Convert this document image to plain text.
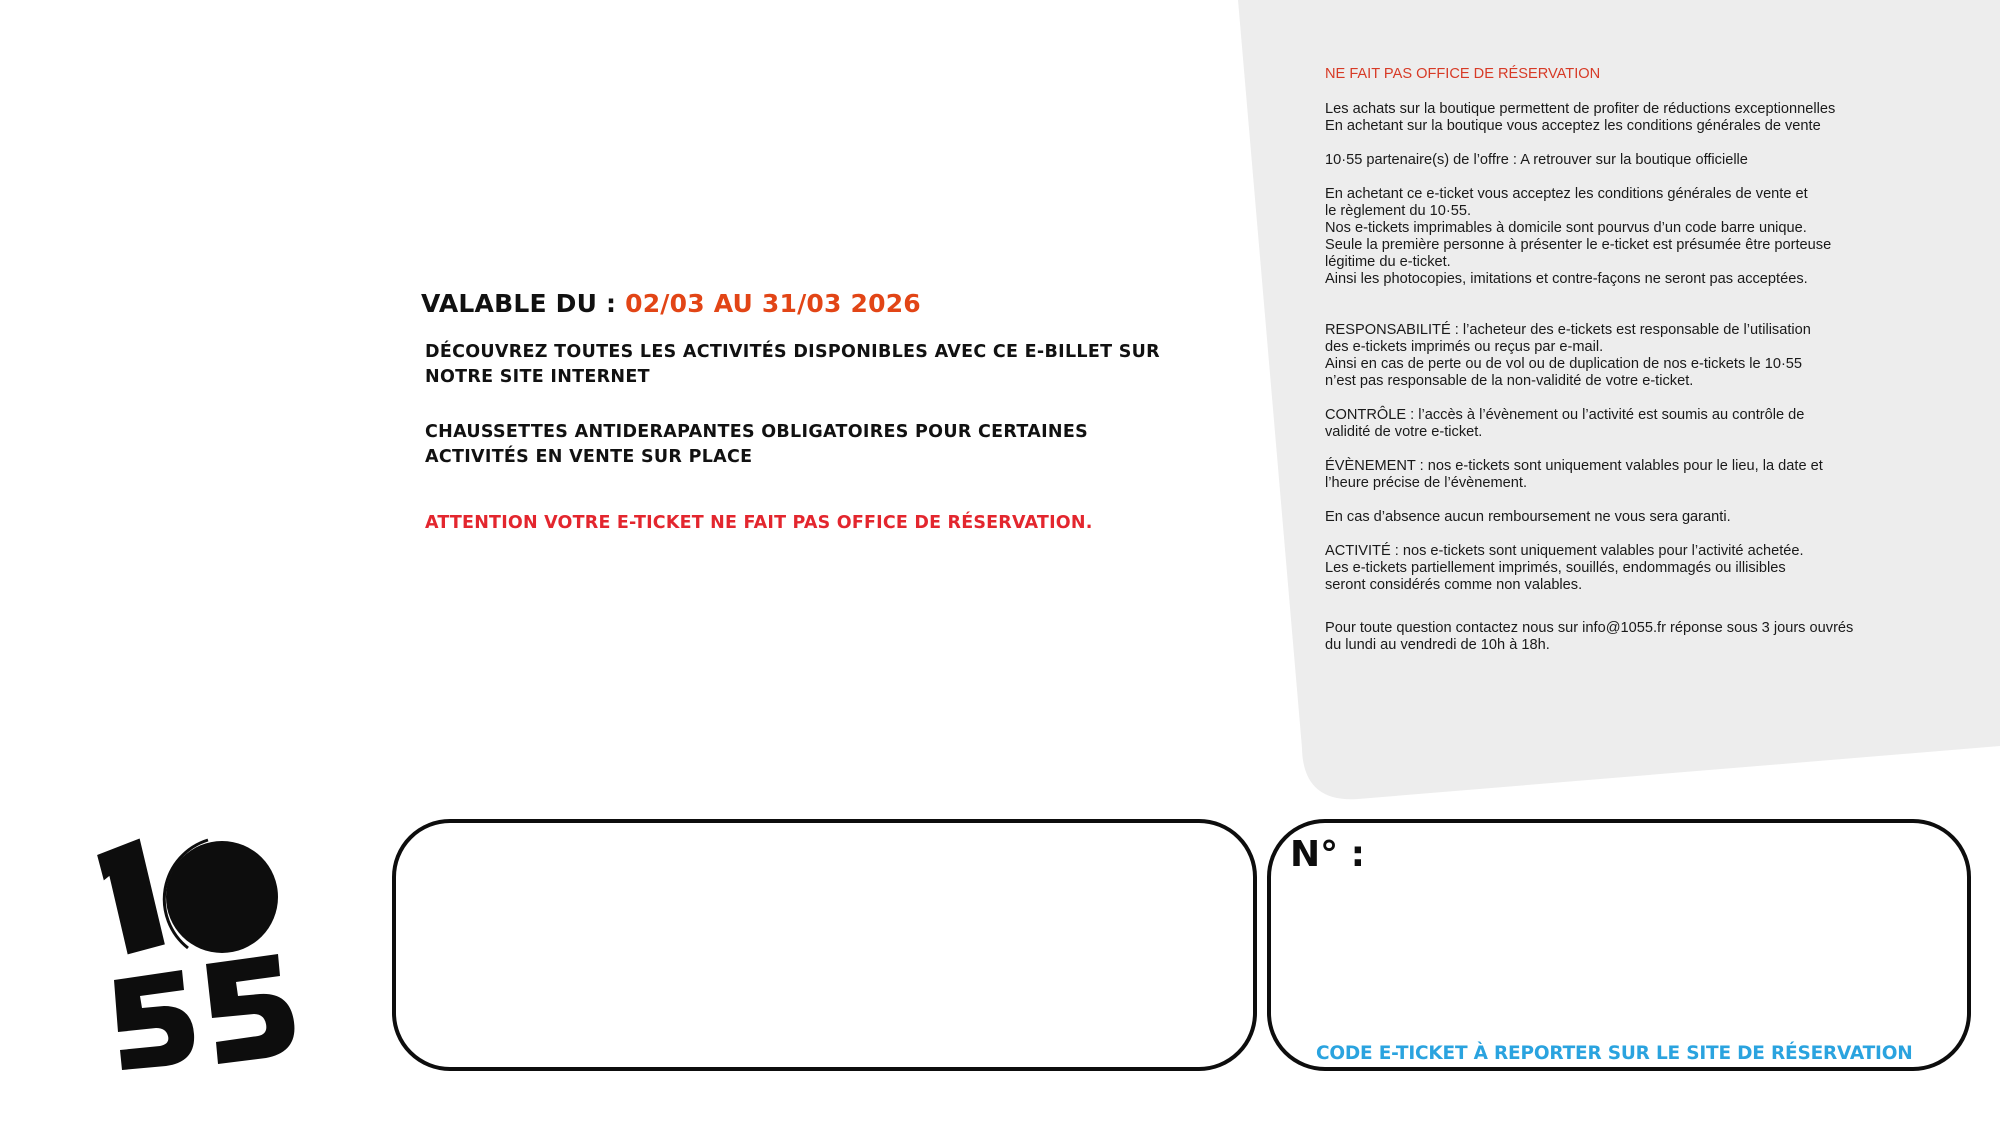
VALABLE DU : 02/03 AU 31/03 2026
DÉCOUVREZ TOUTES LES ACTIVITÉS DISPONIBLES AVEC CE E-BILLET SUR NOTRE SITE INTERNET
CHAUSSETTES ANTIDERAPANTES OBLIGATOIRES POUR CERTAINES ACTIVITÉS EN VENTE SUR PLACE
ATTENTION VOTRE E-TICKET NE FAIT PAS OFFICE DE RÉSERVATION.

NE FAIT PAS OFFICE DE RÉSERVATION

Les achats sur la boutique permettent de profiter de réductions exceptionnelles

En achetant sur la boutique vous acceptez les conditions générales de vente

10·55 partenaire(s) de l’offre : A retrouver sur la boutique officielle

En achetant ce e-ticket vous acceptez les conditions générales de vente et

le règlement du 10·55.

Nos e-tickets imprimables à domicile sont pourvus d’un code barre unique.

Seule la première personne à présenter le e-ticket est présumée être porteuse

légitime du e-ticket.

Ainsi les photocopies, imitations et contre-façons ne seront pas acceptées.

RESPONSABILITÉ : l’acheteur des e-tickets est responsable de l’utilisation

des e-tickets imprimés ou reçus par e-mail.

Ainsi en cas de perte ou de vol ou de duplication de nos e-tickets le 10·55

n’est pas responsable de la non-validité de votre e-ticket.

CONTRÔLE : l’accès à l’évènement ou l’activité est soumis au contrôle de

validité de votre e-ticket.

ÉVÈNEMENT : nos e-tickets sont uniquement valables pour le lieu, la date et

l’heure précise de l’évènement.

En cas d’absence aucun remboursement ne vous sera garanti.

ACTIVITÉ : nos e-tickets sont uniquement valables pour l’activité achetée.

Les e-tickets partiellement imprimés, souillés, endommagés ou illisibles

seront considérés comme non valables.

Pour toute question contactez nous sur info@1055.fr réponse sous 3 jours ouvrés

du lundi au vendredi de 10h à 18h.

N° :
CODE E-TICKET À REPORTER SUR LE SITE DE RÉSERVATION
